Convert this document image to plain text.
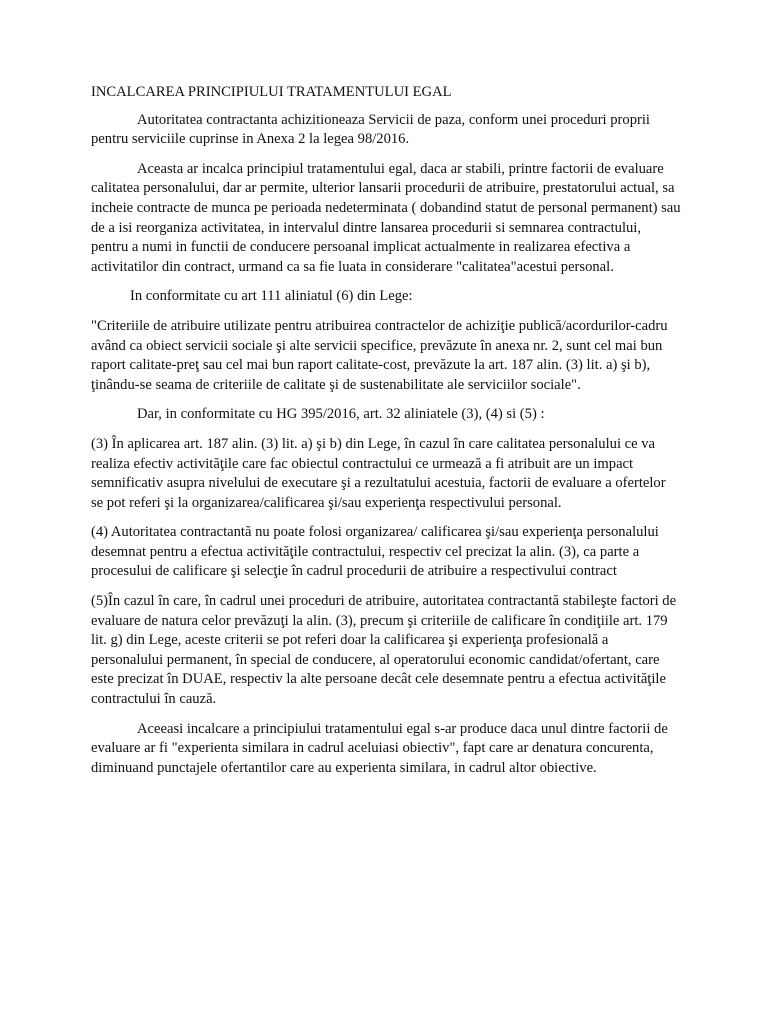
INCALCAREA PRINCIPIULUI TRATAMENTULUI EGAL

Autoritatea contractanta achizitioneaza Servicii de paza, conform unei proceduri proprii pentru serviciile cuprinse in Anexa 2 la legea 98/2016.

Aceasta ar incalca principiul tratamentului egal, daca ar stabili, printre factorii de evaluare calitatea personalului, dar ar permite, ulterior lansarii procedurii de atribuire, prestatorului actual, sa incheie contracte de munca pe perioada nedeterminata ( dobandind statut de personal permanent) sau de a isi reorganiza activitatea, in intervalul dintre lansarea procedurii si semnarea contractului, pentru a numi in functii de conducere persoanal implicat actualmente in realizarea efectiva a activitatilor din contract, urmand ca sa fie luata in considerare "calitatea"acestui personal.

In conformitate cu art 111 aliniatul (6) din Lege:

"Criteriile de atribuire utilizate pentru atribuirea contractelor de achiziţie publică/acordurilor-cadru având ca obiect servicii sociale şi alte servicii specifice, prevăzute în anexa nr. 2, sunt cel mai bun raport calitate-preţ sau cel mai bun raport calitate-cost, prevăzute la art. 187 alin. (3) lit. a) şi b), ţinându-se seama de criteriile de calitate şi de sustenabilitate ale serviciilor sociale".

Dar, in conformitate cu HG 395/2016, art. 32 aliniatele (3), (4) si (5) :

(3) În aplicarea art. 187 alin. (3) lit. a) şi b) din Lege, în cazul în care calitatea personalului ce va realiza efectiv activităţile care fac obiectul contractului ce urmează a fi atribuit are un impact semnificativ asupra nivelului de executare şi a rezultatului acestuia, factorii de evaluare a ofertelor se pot referi şi la organizarea/calificarea şi/sau experienţa respectivului personal.

(4) Autoritatea contractantă nu poate folosi organizarea/ calificarea şi/sau experienţa personalului desemnat pentru a efectua activităţile contractului, respectiv cel precizat la alin. (3), ca parte a procesului de calificare şi selecţie în cadrul procedurii de atribuire a respectivului contract

(5)În cazul în care, în cadrul unei proceduri de atribuire, autoritatea contractantă stabileşte factori de evaluare de natura celor prevăzuţi la alin. (3), precum şi criteriile de calificare în condiţiile art. 179 lit. g) din Lege, aceste criterii se pot referi doar la calificarea şi experienţa profesională a personalului permanent, în special de conducere, al operatorului economic candidat/ofertant, care este precizat în DUAE, respectiv la alte persoane decât cele desemnate pentru a efectua activităţile contractului în cauză.

Aceeasi incalcare a principiului tratamentului egal s-ar produce daca unul dintre factorii de evaluare ar fi "experienta similara in cadrul aceluiasi obiectiv", fapt care ar denatura concurenta, diminuand punctajele ofertantilor care au experienta similara, in cadrul altor obiective.
